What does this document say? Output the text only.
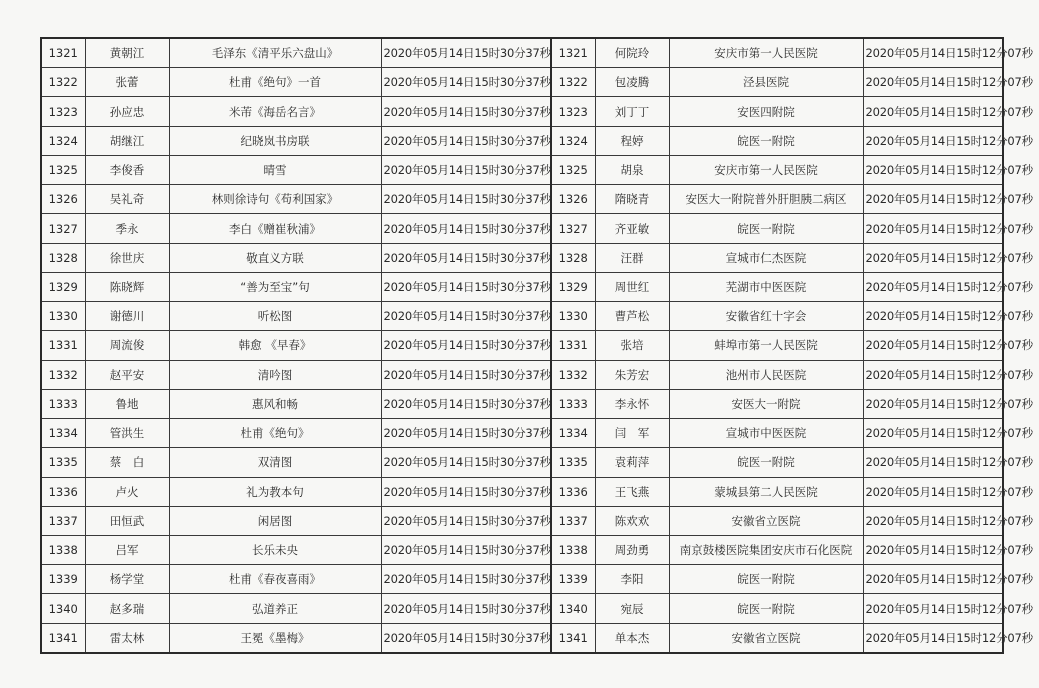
1321	黄朝江	毛泽东《清平乐六盘山》	2020年05月14日15时30分37秒	1321	何院玲	安庆市第一人民医院	2020年05月14日15时12分07秒
1322	张蕾	杜甫《绝句》一首	2020年05月14日15时30分37秒	1322	包凌腾	泾县医院	2020年05月14日15时12分07秒
1323	孙应忠	米芾《海岳名言》	2020年05月14日15时30分37秒	1323	刘丁丁	安医四附院	2020年05月14日15时12分07秒
1324	胡继江	纪晓岚书房联	2020年05月14日15时30分37秒	1324	程婷	皖医一附院	2020年05月14日15时12分07秒
1325	李俊香	晴雪	2020年05月14日15时30分37秒	1325	胡泉	安庆市第一人民医院	2020年05月14日15时12分07秒
1326	吴礼奇	林则徐诗句《苟利国家》	2020年05月14日15时30分37秒	1326	隋晓青	安医大一附院普外肝胆胰二病区	2020年05月14日15时12分07秒
1327	季永	李白《赠崔秋浦》	2020年05月14日15时30分37秒	1327	齐亚敏	皖医一附院	2020年05月14日15时12分07秒
1328	徐世庆	敬直义方联	2020年05月14日15时30分37秒	1328	汪群	宣城市仁杰医院	2020年05月14日15时12分07秒
1329	陈晓辉	“善为至宝”句	2020年05月14日15时30分37秒	1329	周世红	芜湖市中医医院	2020年05月14日15时12分07秒
1330	谢德川	听松图	2020年05月14日15时30分37秒	1330	曹芦松	安徽省红十字会	2020年05月14日15时12分07秒
1331	周流俊	韩愈 《早春》	2020年05月14日15时30分37秒	1331	张培	蚌埠市第一人民医院	2020年05月14日15时12分07秒
1332	赵平安	清吟图	2020年05月14日15时30分37秒	1332	朱芳宏	池州市人民医院	2020年05月14日15时12分07秒
1333	鲁地	惠风和畅	2020年05月14日15时30分37秒	1333	李永怀	安医大一附院	2020年05月14日15时12分07秒
1334	管洪生	杜甫《绝句》	2020年05月14日15时30分37秒	1334	闫　军	宣城市中医医院	2020年05月14日15时12分07秒
1335	蔡　白	双清图	2020年05月14日15时30分37秒	1335	袁莉萍	皖医一附院	2020年05月14日15时12分07秒
1336	卢火	礼为教本句	2020年05月14日15时30分37秒	1336	王飞燕	蒙城县第二人民医院	2020年05月14日15时12分07秒
1337	田恒武	闲居图	2020年05月14日15时30分37秒	1337	陈欢欢	安徽省立医院	2020年05月14日15时12分07秒
1338	吕军	长乐未央	2020年05月14日15时30分37秒	1338	周劲勇	南京鼓楼医院集团安庆市石化医院	2020年05月14日15时12分07秒
1339	杨学堂	杜甫《春夜喜雨》	2020年05月14日15时30分37秒	1339	李阳	皖医一附院	2020年05月14日15时12分07秒
1340	赵多瑞	弘道养正	2020年05月14日15时30分37秒	1340	宛辰	皖医一附院	2020年05月14日15时12分07秒
1341	雷太林	王冕《墨梅》	2020年05月14日15时30分37秒	1341	单本杰	安徽省立医院	2020年05月14日15时12分07秒
